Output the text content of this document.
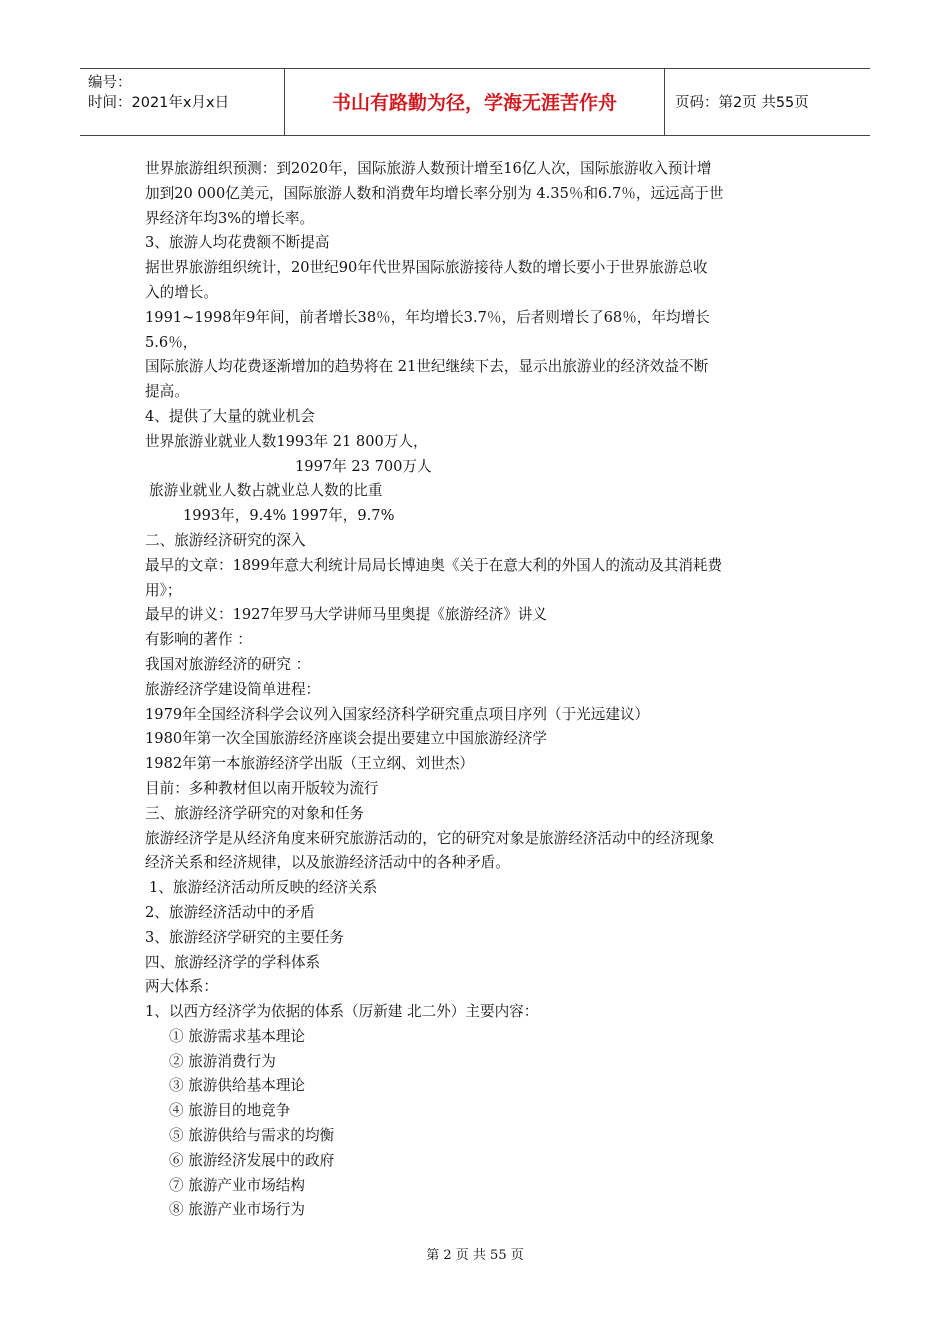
编号：
时间：2021年x月x日	书山有路勤为径，学海无涯苦作舟	页码：第2页 共55页
世界旅游组织预测：到2020年，国际旅游人数预计增至16亿人次，国际旅游收入预计增
加到20 000亿美元，国际旅游人数和消费年均增长率分别为 4.35％和6.7％，远远高于世
界经济年均3%的增长率。
3、旅游人均花费额不断提高
据世界旅游组织统计，20世纪90年代世界国际旅游接待人数的增长要小于世界旅游总收
入的增长。
1991~1998年9年间，前者增长38％，年均增长3.7％，后者则增长了68％，年均增长
5.6％，
国际旅游人均花费逐渐增加的趋势将在 21世纪继续下去，显示出旅游业的经济效益不断
提高。
4、提供了大量的就业机会
世界旅游业就业人数1993年 21 800万人，
1997年 23 700万人
旅游业就业人数占就业总人数的比重
1993年，9.4% 1997年，9.7%
二、旅游经济研究的深入
最早的文章：1899年意大利统计局局长博迪奥《关于在意大利的外国人的流动及其消耗费
用》；
最早的讲义：1927年罗马大学讲师马里奥提《旅游经济》讲义
有影响的著作 ：
我国对旅游经济的研究 ：
旅游经济学建设简单进程：
1979年全国经济科学会议列入国家经济科学研究重点项目序列（于光远建议）
1980年第一次全国旅游经济座谈会提出要建立中国旅游经济学
1982年第一本旅游经济学出版（王立纲、刘世杰）
目前：多种教材但以南开版较为流行
三、旅游经济学研究的对象和任务
旅游经济学是从经济角度来研究旅游活动的，它的研究对象是旅游经济活动中的经济现象
经济关系和经济规律，以及旅游经济活动中的各种矛盾。
1、旅游经济活动所反映的经济关系
2、旅游经济活动中的矛盾
3、旅游经济学研究的主要任务
四、旅游经济学的学科体系
两大体系：
1、以西方经济学为依据的体系（厉新建 北二外）主要内容：
① 旅游需求基本理论
② 旅游消费行为
③ 旅游供给基本理论
④ 旅游目的地竞争
⑤ 旅游供给与需求的均衡
⑥ 旅游经济发展中的政府
⑦ 旅游产业市场结构
⑧ 旅游产业市场行为
第 2 页 共 55 页
